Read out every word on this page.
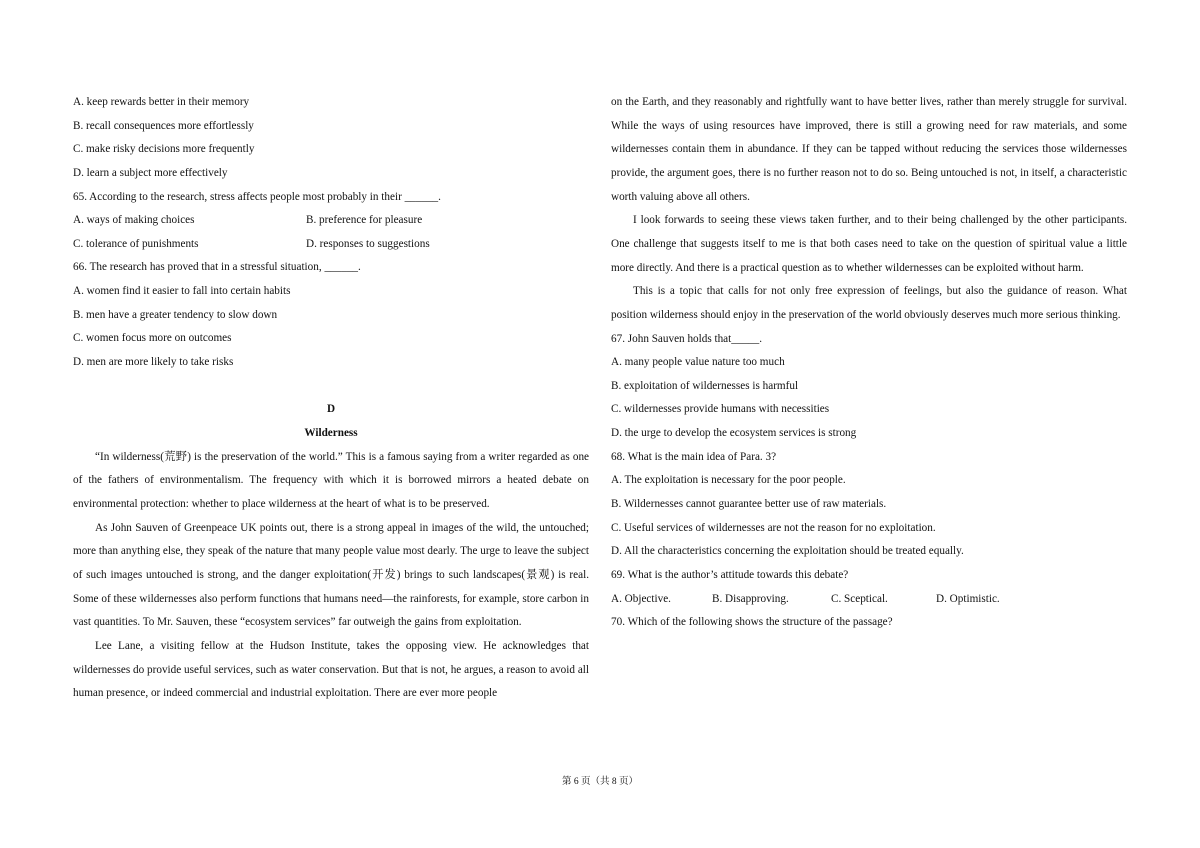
A. keep rewards better in their memory
B. recall consequences more effortlessly
C. make risky decisions more frequently
D. learn a subject more effectively
65. According to the research, stress affects people most probably in their ______.
A. ways of making choices	B. preference for pleasure
C. tolerance of punishments	D. responses to suggestions
66. The research has proved that in a stressful situation, ______.
A. women find it easier to fall into certain habits
B. men have a greater tendency to slow down
C. women focus more on outcomes
D. men are more likely to take risks
D
Wilderness

“In wilderness(荒野) is the preservation of the world.” This is a famous saying from a writer regarded as one of the fathers of environmentalism. The frequency with which it is borrowed mirrors a heated debate on environmental protection: whether to place wilderness at the heart of what is to be preserved.

As John Sauven of Greenpeace UK points out, there is a strong appeal in images of the wild, the untouched; more than anything else, they speak of the nature that many people value most dearly. The urge to leave the subject of such images untouched is strong, and the danger exploitation(开发) brings to such landscapes(景观) is real. Some of these wildernesses also perform functions that humans need—the rainforests, for example, store carbon in vast quantities. To Mr. Sauven, these “ecosystem services” far outweigh the gains from exploitation.

Lee Lane, a visiting fellow at the Hudson Institute, takes the opposing view. He acknowledges that wildernesses do provide useful services, such as water conservation. But that is not, he argues, a reason to avoid all human presence, or indeed commercial and industrial exploitation. There are ever more people

on the Earth, and they reasonably and rightfully want to have better lives, rather than merely struggle for survival. While the ways of using resources have improved, there is still a growing need for raw materials, and some wildernesses contain them in abundance. If they can be tapped without reducing the services those wildernesses provide, the argument goes, there is no further reason not to do so. Being untouched is not, in itself, a characteristic worth valuing above all others.

I look forwards to seeing these views taken further, and to their being challenged by the other participants. One challenge that suggests itself to me is that both cases need to take on the question of spiritual value a little more directly. And there is a practical question as to whether wildernesses can be exploited without harm.

This is a topic that calls for not only free expression of feelings, but also the guidance of reason. What position wilderness should enjoy in the preservation of the world obviously deserves much more serious thinking.

67. John Sauven holds that_____.
A. many people value nature too much
B. exploitation of wildernesses is harmful
C. wildernesses provide humans with necessities
D. the urge to develop the ecosystem services is strong
68. What is the main idea of Para. 3?
A. The exploitation is necessary for the poor people.
B. Wildernesses cannot guarantee better use of raw materials.
C. Useful services of wildernesses are not the reason for no exploitation.
D. All the characteristics concerning the exploitation should be treated equally.
69. What is the author’s attitude towards this debate?
A. Objective.	B. Disapproving.	C. Sceptical.	D. Optimistic.
70. Which of the following shows the structure of the passage?
第 6 页（共 8 页）
